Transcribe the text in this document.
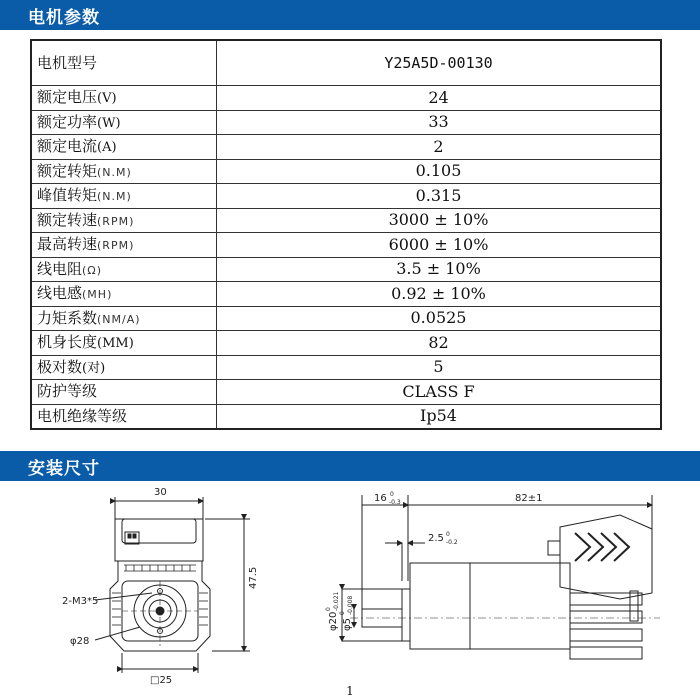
电机参数
电机型号	Y25A5D-00130
额定电压(V)	24
额定功率(W)	33
额定电流(A)	2
额定转矩(N.M)	0.105
峰值转矩(N.M)	0.315
额定转速(RPM)	3000 ± 10%
最高转速(RPM)	6000 ± 10%
线电阻(Ω)	3.5 ± 10%
线电感(MH)	0.92 ± 10%
力矩系数(NM/A)	0.0525
机身长度(MM)	82
极对数(对)	5
防护等级	CLASS F
电机绝缘等级	Ip54
安装尺寸
30
47.5
2-M3*5
φ28
□25
82±1
16 0
-0.3
2.5 0
-0.2
φ20
0 -0.021
φ5
0 -0.008
1
